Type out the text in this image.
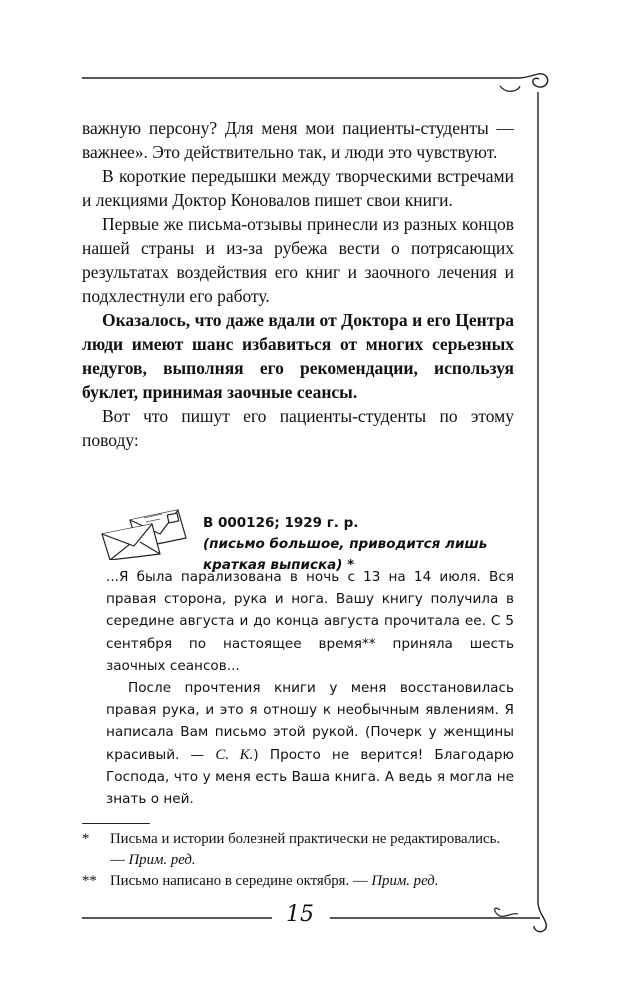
важную персону? Для меня мои пациенты-студенты — важнее». Это действительно так, и люди это чувствуют.

В короткие передышки между творческими встречами и лекциями Доктор Коновалов пишет свои книги.

Первые же письма-отзывы принесли из разных концов нашей страны и из-за рубежа вести о потрясающих результатах воздействия его книг и заочного лечения и подхлестнули его работу.

Оказалось, что даже вдали от Доктора и его Центра люди имеют шанс избавиться от многих серьезных недугов, выполняя его рекомендации, используя буклет, принимая заочные сеансы.

Вот что пишут его пациенты-студенты по этому поводу:

В 000126; 1929 г. р.
(письмо большое, приводится лишь краткая выписка) *

...Я была парализована в ночь с 13 на 14 июля. Вся правая сторона, рука и нога. Вашу книгу получила в середине августа и до конца августа прочитала ее. С 5 сентября по настоящее время** приняла шесть заочных сеансов...

После прочтения книги у меня восстановилась правая рука, и это я отношу к необычным явлениям. Я написала Вам письмо этой рукой. (Почерк у женщины красивый. — С. К.) Просто не верится! Благодарю Господа, что у меня есть Ваша книга. А ведь я могла не знать о ней.

* Письма и истории болезней практически не редактировались. — Прим. ред.
** Письмо написано в середине октября. — Прим. ред.
15
